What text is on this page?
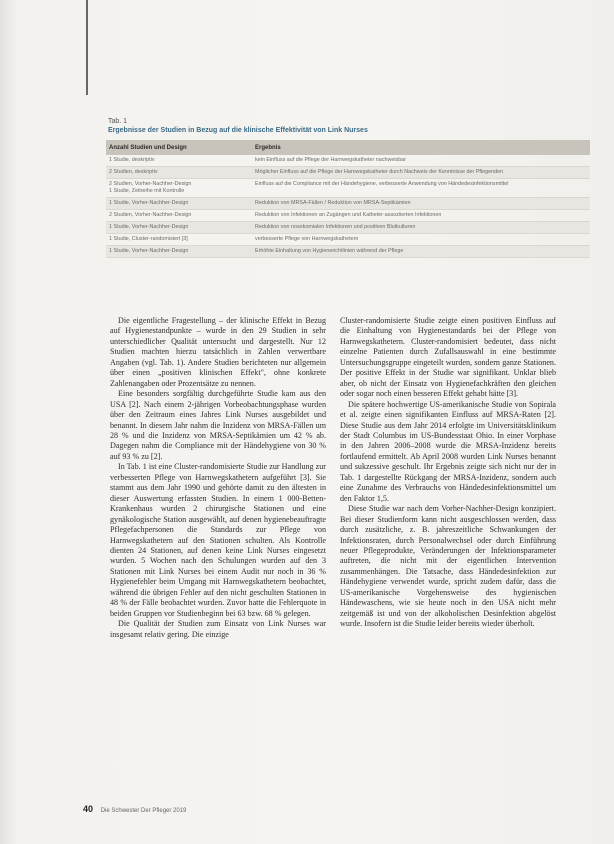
Tab. 1
Ergebnisse der Studien in Bezug auf die klinische Effektivität von Link Nurses
Anzahl Studien und Design	Ergebnis
1 Studie, deskriptiv	kein Einfluss auf die Pflege der Harnwegskatheter nachweisbar
2 Studien, deskriptiv	Möglicher Einfluss auf die Pflege der Harnwegskatheter durch Nachweis der Kenntnisse der Pflegenden
2 Studien, Vorher-Nachher-Design
1 Studie, Zeitreihe mit Kontrolle	Einfluss auf die Compliance mit der Händehygiene, verbesserte Anwendung von Händedesinfektionsmittel
1 Studie, Vorher-Nachher-Design	Reduktion von MRSA-Fällen / Reduktion von MRSA-Septikämien
2 Studien, Vorher-Nachher-Design	Reduktion von Infektionen an Zugängen und Katheter-assoziierten Infektionen
1 Studie, Vorher-Nachher-Design	Reduktion von nosokomialen Infektionen und positiven Blutkulturen
1 Studie, Cluster-randomisiert [3]	verbesserte Pflege von Harnwegskathetern
1 Studie, Vorher-Nachher-Design	Erhöhte Einhaltung von Hygienerichtlinien während der Pflege

Die eigentliche Fragestellung – der klinische Effekt in Bezug auf Hygienestandpunkte – wurde in den 29 Studien in sehr unterschiedlicher Qualität untersucht und dargestellt. Nur 12 Studien machten hierzu tatsächlich in Zahlen verwertbare Angaben (vgl. Tab. 1). Andere Studien berichteten nur allgemein über einen „positiven klinischen Effekt", ohne konkrete Zahlenangaben oder Prozentsätze zu nennen.

Eine besonders sorgfältig durchgeführte Studie kam aus den USA [2]. Nach einem 2-jährigen Vorbeobachtungsphase wurden über den Zeitraum eines Jahres Link Nurses ausgebildet und benannt. In diesem Jahr nahm die Inzidenz von MRSA-Fällen um 28 % und die Inzidenz von MRSA-Septikämien um 42 % ab. Dagegen nahm die Compliance mit der Händehygiene von 30 % auf 93 % zu [2].

In Tab. 1 ist eine Cluster-randomisierte Studie zur Handlung zur verbesserten Pflege von Harnwegskathetern aufgeführt [3]. Sie stammt aus dem Jahr 1990 und gehörte damit zu den ältesten in dieser Auswertung erfassten Studien. In einem 1 000-Betten-Krankenhaus wurden 2 chirurgische Stationen und eine gynäkologische Station ausgewählt, auf denen hygienebeauftragte Pflegefachpersonen die Standards zur Pflege von Harnwegskathetern auf den Stationen schulten. Als Kontrolle dienten 24 Stationen, auf denen keine Link Nurses eingesetzt wurden. 5 Wochen nach den Schulungen wurden auf den 3 Stationen mit Link Nurses bei einem Audit nur noch in 36 % Hygienefehler beim Umgang mit Harnwegskathetern beobachtet, während die übrigen Fehler auf den nicht geschulten Stationen in 48 % der Fälle beobachtet wurden. Zuvor hatte die Fehlerquote in beiden Gruppen vor Studienbeginn bei 63 bzw. 68 % gelegen.

Die Qualität der Studien zum Einsatz von Link Nurses war insgesamt relativ gering. Die einzige

Cluster-randomisierte Studie zeigte einen positiven Einfluss auf die Einhaltung von Hygienestandards bei der Pflege von Harnwegskathetern. Cluster-randomisiert bedeutet, dass nicht einzelne Patienten durch Zufallsauswahl in eine bestimmte Untersuchungsgruppe eingeteilt wurden, sondern ganze Stationen. Der positive Effekt in der Studie war signifikant. Unklar blieb aber, ob nicht der Einsatz von Hygienefachkräften den gleichen oder sogar noch einen besseren Effekt gehabt hätte [3].

Die spätere hochwertige US-amerikanische Studie von Sopirala et al. zeigte einen signifikanten Einfluss auf MRSA-Raten [2]. Diese Studie aus dem Jahr 2014 erfolgte im Universitätsklinikum der Stadt Columbus im US-Bundesstaat Ohio. In einer Vorphase in den Jahren 2006–2008 wurde die MRSA-Inzidenz bereits fortlaufend ermittelt. Ab April 2008 wurden Link Nurses benannt und sukzessive geschult. Ihr Ergebnis zeigte sich nicht nur der in Tab. 1 dargestellte Rückgang der MRSA-Inzidenz, sondern auch eine Zunahme des Verbrauchs von Händedesinfektionsmittel um den Faktor 1,5.

Diese Studie war nach dem Vorher-Nachher-Design konzipiert. Bei dieser Studienform kann nicht ausgeschlossen werden, dass durch zusätzliche, z. B. jahreszeitliche Schwankungen der Infektionsraten, durch Personalwechsel oder durch Einführung neuer Pflegeprodukte, Veränderungen der Infektionsparameter auftreten, die nicht mit der eigentlichen Intervention zusammenhängen. Die Tatsache, dass Händedesinfektion zur Händehygiene verwendet wurde, spricht zudem dafür, dass die US-amerikanische Vorgehensweise des hygienischen Händewaschens, wie sie heute noch in den USA nicht mehr zeitgemäß ist und von der alkoholischen Desinfektion abgelöst wurde. Insofern ist die Studie leider bereits wieder überholt.

40 Die Schwester Der Pfleger 2019
